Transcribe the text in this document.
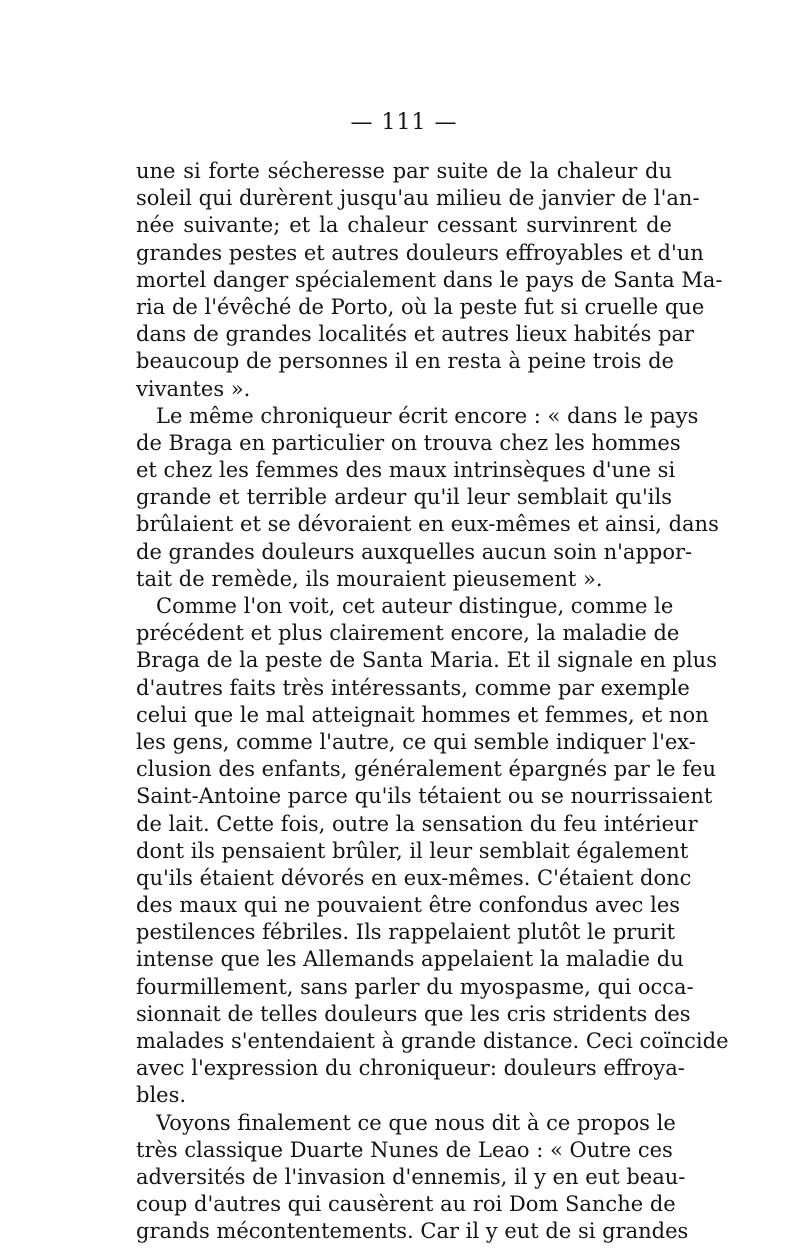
— 111 —
une si forte sécheresse par suite de la chaleur du
soleil qui durèrent jusqu'au milieu de janvier de l'an-
née suivante; et la chaleur cessant survinrent de
grandes pestes et autres douleurs effroyables et d'un
mortel danger spécialement dans le pays de Santa Ma-
ria de l'évêché de Porto, où la peste fut si cruelle que
dans de grandes localités et autres lieux habités par
beaucoup de personnes il en resta à peine trois de
vivantes ».
Le même chroniqueur écrit encore : « dans le pays
de Braga en particulier on trouva chez les hommes
et chez les femmes des maux intrinsèques d'une si
grande et terrible ardeur qu'il leur semblait qu'ils
brûlaient et se dévoraient en eux-mêmes et ainsi, dans
de grandes douleurs auxquelles aucun soin n'appor-
tait de remède, ils mouraient pieusement ».
Comme l'on voit, cet auteur distingue, comme le
précédent et plus clairement encore, la maladie de
Braga de la peste de Santa Maria. Et il signale en plus
d'autres faits très intéressants, comme par exemple
celui que le mal atteignait hommes et femmes, et non
les gens, comme l'autre, ce qui semble indiquer l'ex-
clusion des enfants, généralement épargnés par le feu
Saint-Antoine parce qu'ils tétaient ou se nourrissaient
de lait. Cette fois, outre la sensation du feu intérieur
dont ils pensaient brûler, il leur semblait également
qu'ils étaient dévorés en eux-mêmes. C'étaient donc
des maux qui ne pouvaient être confondus avec les
pestilences fébriles. Ils rappelaient plutôt le prurit
intense que les Allemands appelaient la maladie du
fourmillement, sans parler du myospasme, qui occa-
sionnait de telles douleurs que les cris stridents des
malades s'entendaient à grande distance. Ceci coïncide
avec l'expression du chroniqueur: douleurs effroya-
bles.
Voyons finalement ce que nous dit à ce propos le
très classique Duarte Nunes de Leao : « Outre ces
adversités de l'invasion d'ennemis, il y en eut beau-
coup d'autres qui causèrent au roi Dom Sanche de
grands mécontentements. Car il y eut de si grandes
